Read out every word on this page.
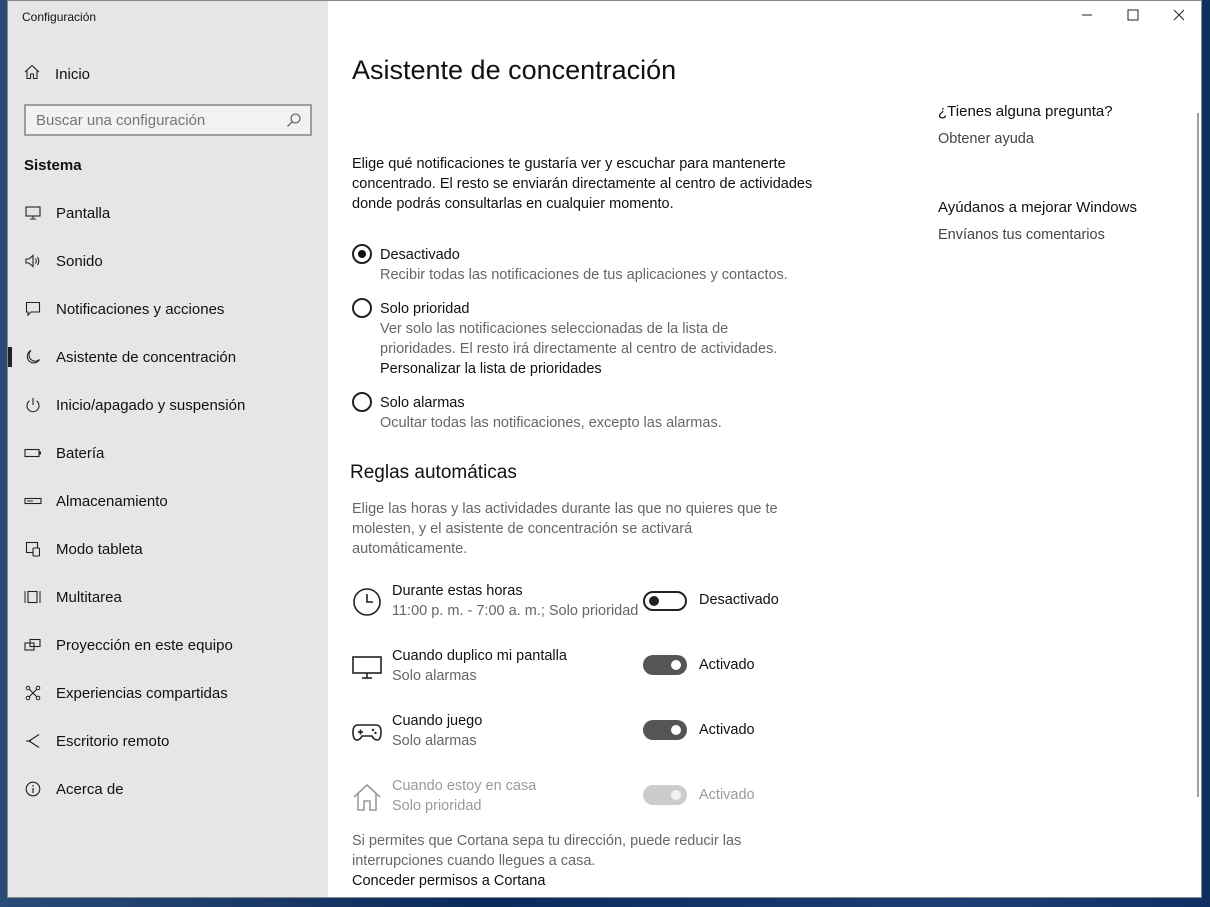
Configuración
Inicio
Buscar una configuración
Sistema
Pantalla
Sonido
Notificaciones y acciones
Asistente de concentración
Inicio/apagado y suspensión
Batería
Almacenamiento
Modo tableta
Multitarea
Proyección en este equipo
Experiencias compartidas
Escritorio remoto
Acerca de
Asistente de concentración
Elige qué notificaciones te gustaría ver y escuchar para mantenerte concentrado. El resto se enviarán directamente al centro de actividades donde podrás consultarlas en cualquier momento.
Desactivado
Recibir todas las notificaciones de tus aplicaciones y contactos.
Solo prioridad
Ver solo las notificaciones seleccionadas de la lista de prioridades. El resto irá directamente al centro de actividades.
Personalizar la lista de prioridades
Solo alarmas
Ocultar todas las notificaciones, excepto las alarmas.
Reglas automáticas
Elige las horas y las actividades durante las que no quieres que te molesten, y el asistente de concentración se activará automáticamente.
Durante estas horas
11:00 p. m. - 7:00 a. m.; Solo prioridad
Desactivado
Cuando duplico mi pantalla
Solo alarmas
Activado
Cuando juego
Solo alarmas
Activado
Cuando estoy en casa
Solo prioridad
Activado
Si permites que Cortana sepa tu dirección, puede reducir las interrupciones cuando llegues a casa.
Conceder permisos a Cortana
¿Tienes alguna pregunta?
Obtener ayuda
Ayúdanos a mejorar Windows
Envíanos tus comentarios
